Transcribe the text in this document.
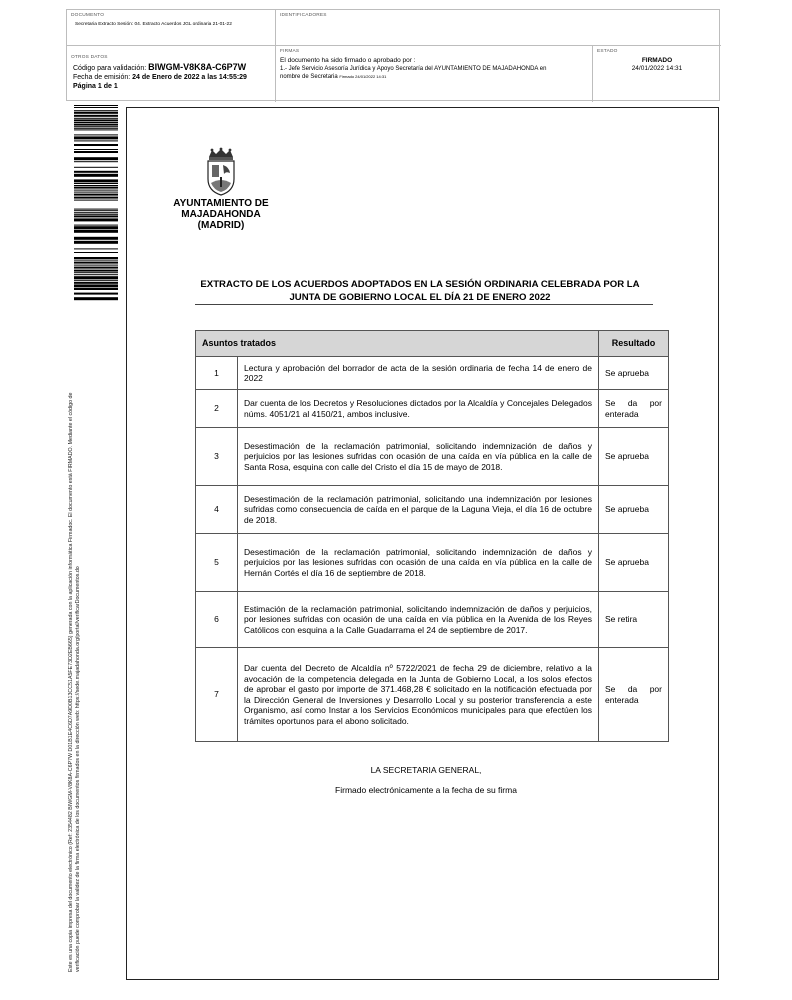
DOCUMENTO
Secretaria Extracto Sesión: 04. Extracto Acuerdos JGL ordinaria 21-01-22
IDENTIFICADORES
OTROS DATOS
Código para validación: BIWGM-V8K8A-C6P7W
Fecha de emisión: 24 de Enero de 2022 a las 14:55:29
Página 1 de 1
FIRMAS
El documento ha sido firmado o aprobado por :
1.- Jefe Servicio Asesoría Jurídica y Apoyo Secretaría del AYUNTAMIENTO DE MAJADAHONDA en
nombre de Secretaria Firmado 24/01/2022 14:31
ESTADO
FIRMADO
24/01/2022 14:31
Este es una copia impresa del documento electrónico (Ref: 2354482 BIWGM-V8K8A-C6P7W D01B1E4C6D7A9D0B13CC51A5FE73D2EB665) generada con la aplicación informática Firmadoc. El documento está FIRMADO. Mediante el código de verificación puede comprobar la validez de la firma electrónica de los documentos firmados en la dirección web: https://sede.majadahonda.org/portal/verificarDocumentos.do
AYUNTAMIENTO DE
MAJADAHONDA
(MADRID)
EXTRACTO DE LOS ACUERDOS ADOPTADOS EN LA SESIÓN ORDINARIA CELEBRADA POR LA
JUNTA DE GOBIERNO LOCAL EL DÍA 21 DE ENERO 2022
Asuntos tratados		Resultado
1	Lectura y aprobación del borrador de acta de la sesión ordinaria de fecha 14 de enero de 2022	Se aprueba
2	Dar cuenta de los Decretos y Resoluciones dictados por la Alcaldía y Concejales Delegados núms. 4051/21 al 4150/21, ambos inclusive.	Se da por enterada
3	Desestimación de la reclamación patrimonial, solicitando indemnización de daños y perjuicios por las lesiones sufridas con ocasión de una caída en vía pública en la calle de Santa Rosa, esquina con calle del Cristo el día 15 de mayo de 2018.	Se aprueba
4	Desestimación de la reclamación patrimonial, solicitando una indemnización por lesiones sufridas como consecuencia de caída en el parque de la Laguna Vieja, el día 16 de octubre de 2018.	Se aprueba
5	Desestimación de la reclamación patrimonial, solicitando indemnización de daños y perjuicios por las lesiones sufridas con ocasión de una caída en vía pública en la calle de Hernán Cortés el día 16 de septiembre de 2018.	Se aprueba
6	Estimación de la reclamación patrimonial, solicitando indemnización de daños y perjuicios, por lesiones sufridas con ocasión de una caída en vía pública en la Avenida de los Reyes Católicos con esquina a la Calle Guadarrama el 24 de septiembre de 2017.	Se retira
7	Dar cuenta del Decreto de Alcaldía nº 5722/2021 de fecha 29 de diciembre, relativo a la avocación de la competencia delegada en la Junta de Gobierno Local, a los solos efectos de aprobar el gasto por importe de 371.468,28 € solicitado en la notificación efectuada por la Dirección General de Inversiones y Desarrollo Local y su posterior transferencia a este Organismo, así como Instar a los Servicios Económicos municipales para que efectúen los trámites oportunos para el abono solicitado.	Se da por enterada
LA SECRETARIA GENERAL,
Firmado electrónicamente a la fecha de su firma
